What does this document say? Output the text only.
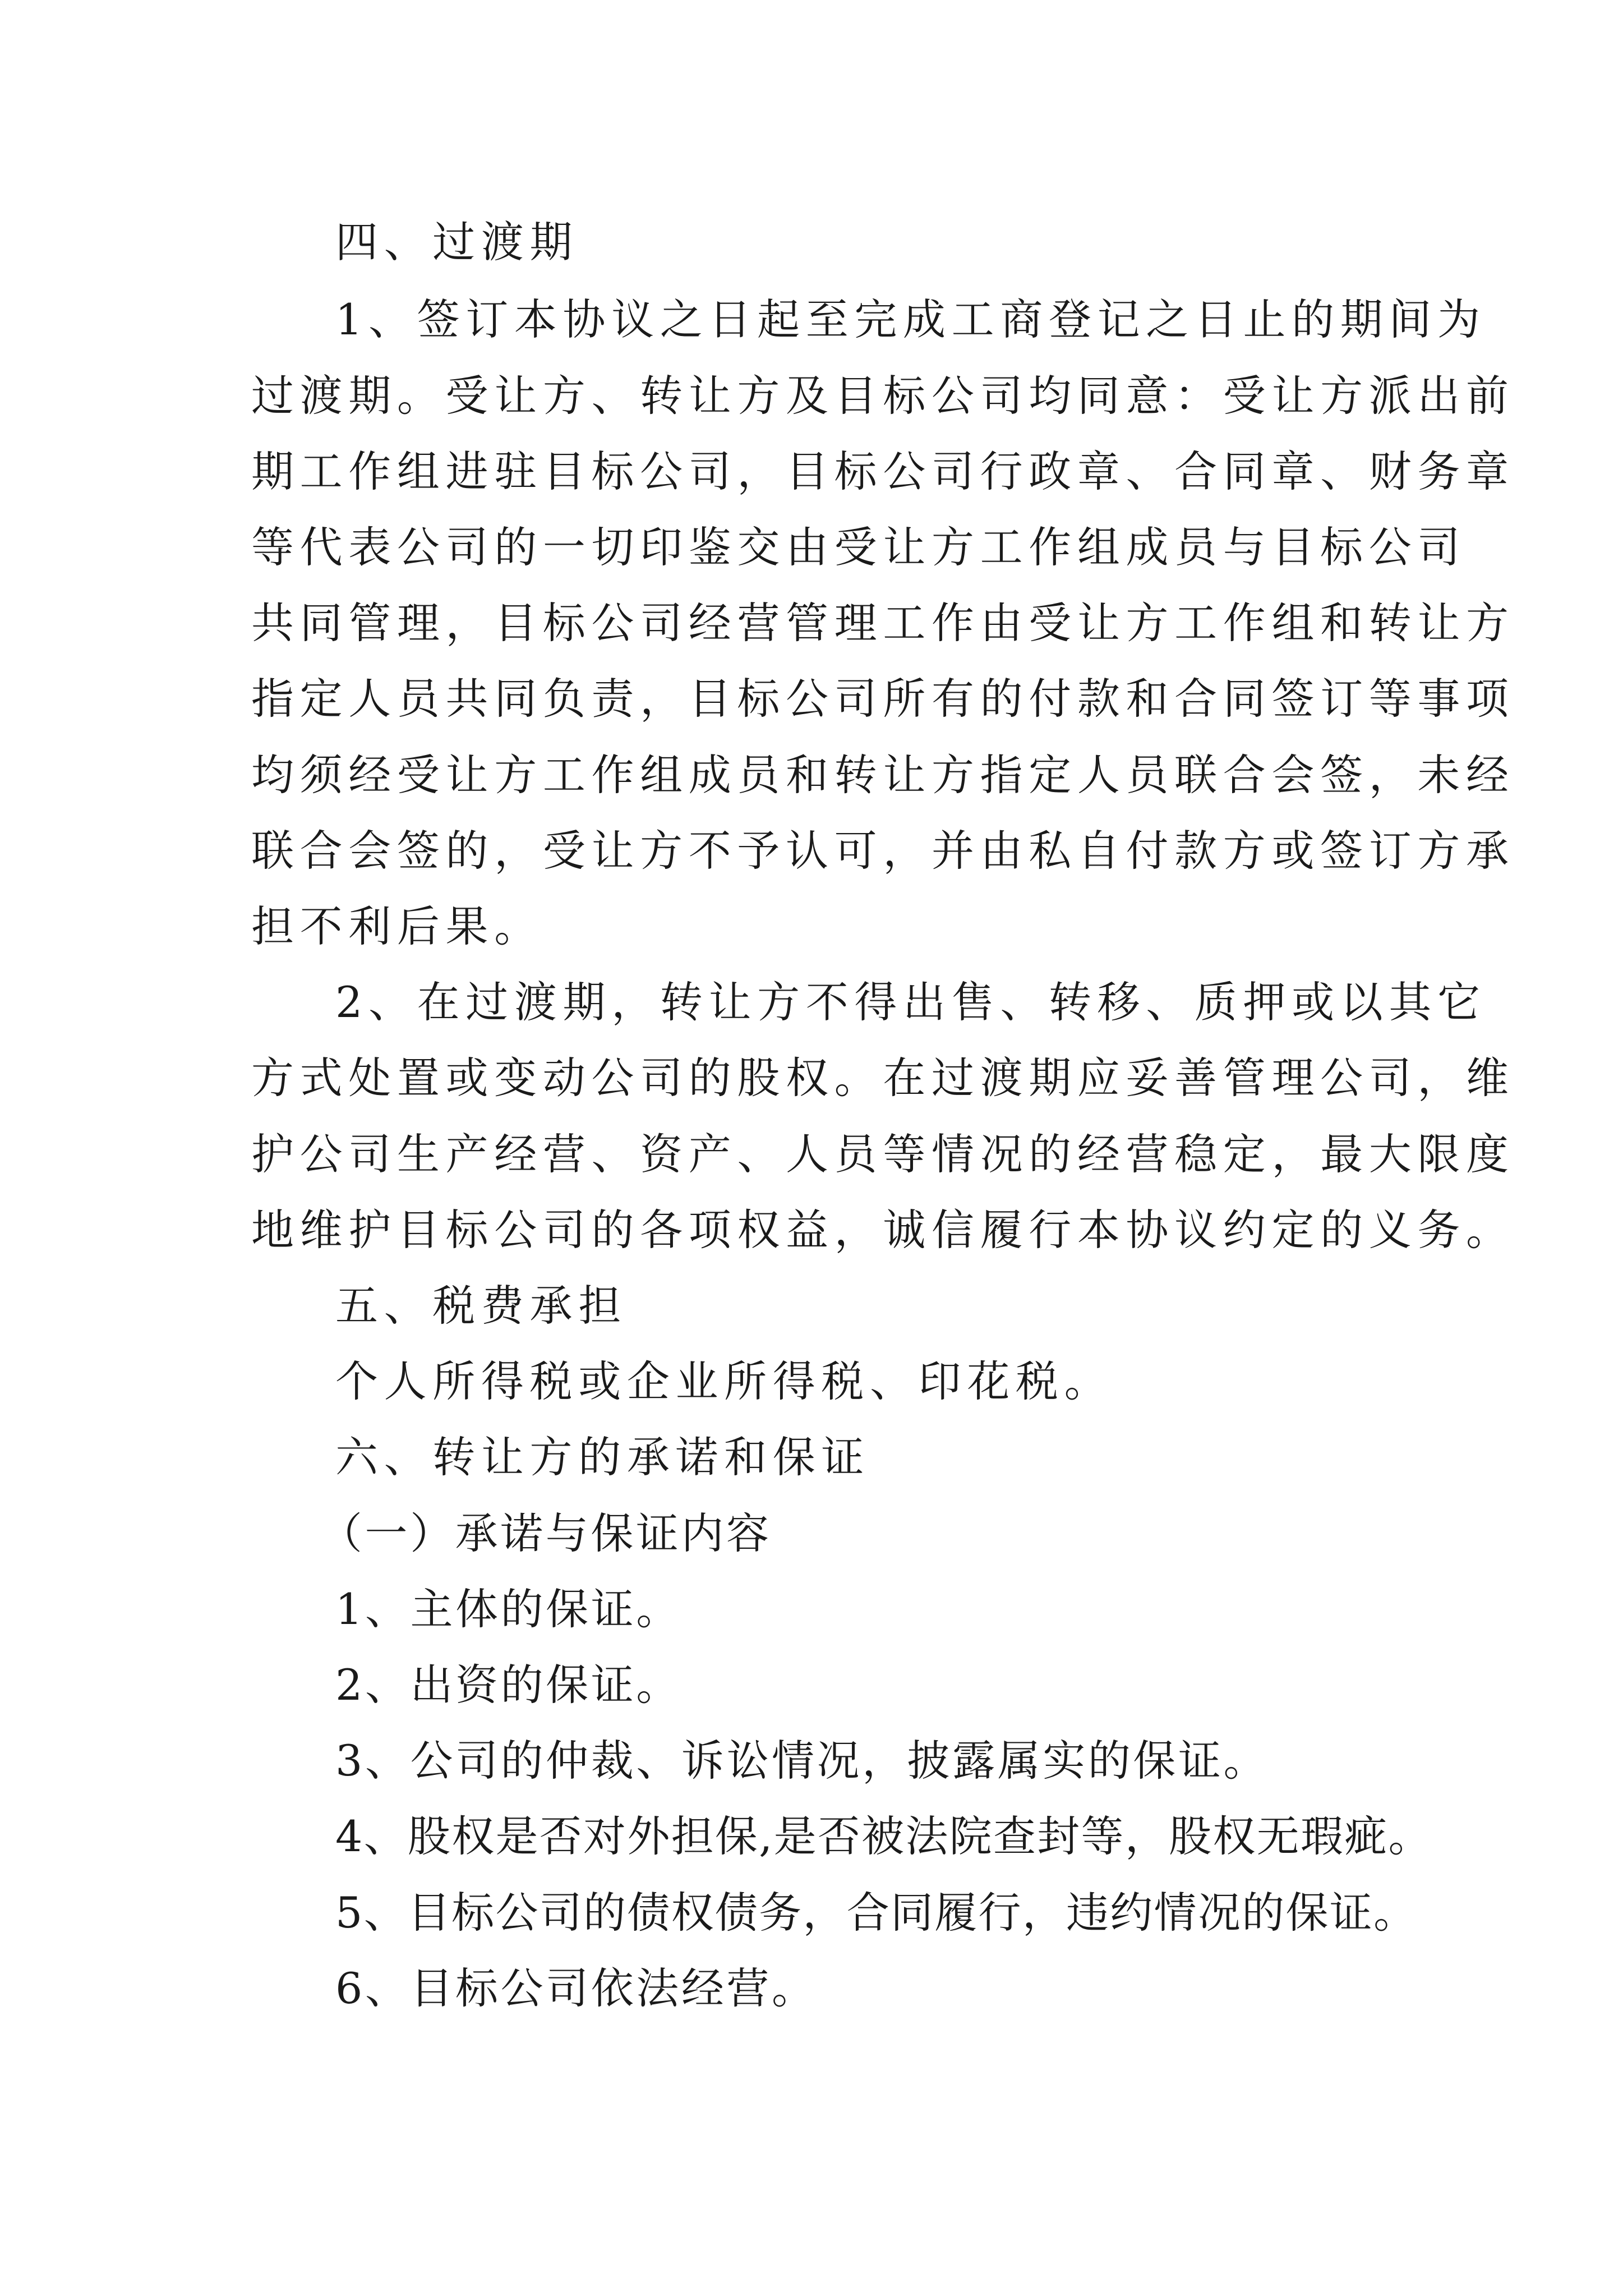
四、过渡期
1、签订本协议之日起至完成工商登记之日止的期间为
过渡期。受让方、转让方及目标公司均同意：受让方派出前
期工作组进驻目标公司，目标公司行政章、合同章、财务章
等代表公司的一切印鉴交由受让方工作组成员与目标公司
共同管理，目标公司经营管理工作由受让方工作组和转让方
指定人员共同负责，目标公司所有的付款和合同签订等事项
均须经受让方工作组成员和转让方指定人员联合会签，未经
联合会签的，受让方不予认可，并由私自付款方或签订方承
担不利后果。
2、在过渡期，转让方不得出售、转移、质押或以其它
方式处置或变动公司的股权。在过渡期应妥善管理公司，维
护公司生产经营、资产、人员等情况的经营稳定，最大限度
地维护目标公司的各项权益，诚信履行本协议约定的义务。
五、税费承担
个人所得税或企业所得税、印花税。
六、转让方的承诺和保证
（一）承诺与保证内容
1、主体的保证。
2、出资的保证。
3、公司的仲裁、诉讼情况，披露属实的保证。
4、股权是否对外担保,是否被法院查封等，股权无瑕疵。
5、目标公司的债权债务，合同履行，违约情况的保证。
6、目标公司依法经营。
